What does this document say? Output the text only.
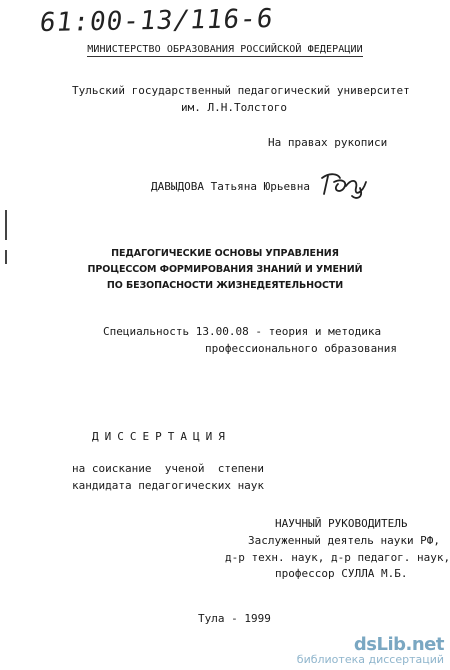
61:00-13/116-6
МИНИСТЕРСТВО ОБРАЗОВАНИЯ РОССИЙСКОЙ ФЕДЕРАЦИИ
Тульский государственный педагогический университет
им. Л.Н.Толстого
На правах рукописи
ДАВЫДОВА Татьяна Юрьевна
ПЕДАГОГИЧЕСКИЕ ОСНОВЫ УПРАВЛЕНИЯ
ПРОЦЕССОМ ФОРМИРОВАНИЯ ЗНАНИЙ И УМЕНИЙ
ПО БЕЗОПАСНОСТИ ЖИЗНЕДЕЯТЕЛЬНОСТИ
Специальность 13.00.08 - теория и методика
профессионального образования
ДИССЕРТАЦИЯ
на соискание  ученой  степени
кандидата педагогических наук
НАУЧНЫЙ РУКОВОДИТЕЛЬ
Заслуженный деятель науки РФ,
д-р техн. наук, д-р педагог. наук,
профессор СУЛЛА М.Б.
Тула - 1999
dsLib.net
библиотека диссертаций
